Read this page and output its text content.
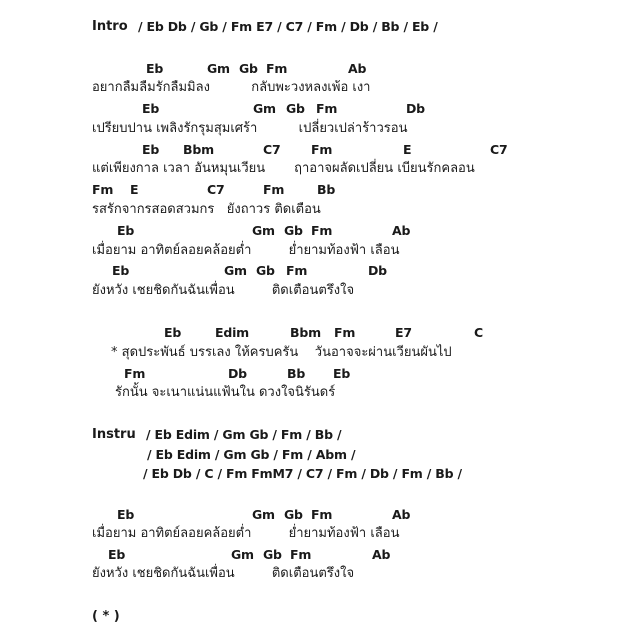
Intro / Eb Db / Gb / Fm E7 / C7 / Fm / Db / Bb / Eb /
Eb	Gm Gb Fm	Ab
อยากลืมลืมรักลืมมิลง          กลับพะวงหลงเพ้อ เงา
Eb	Gm Gb Fm	Db
เปรียบปาน เพลิงรักรุมสุมเศร้า          เปลี่ยวเปล่าร้าวรอน
Eb Bbm	C7 Fm	E	C7
แต่เพียงกาล เวลา อันหมุนเวียน       ฤาอาจผลัดเปลี่ยน เบียนรักคลอน
Fm E	C7	Fm	Bb
รสรักจากรสอดสวมกร   ยังถาวร ติดเตือน
Eb	Gm Gb Fm	Ab
เมื่อยาม อาทิตย์ลอยคล้อยต่ำ         ย่ำยามท้องฟ้า เลือน
Eb	Gm Gb Fm	Db
ยังหวัง เชยชิดกันฉันเพื่อน         ติดเตือนตรึงใจ
Eb	Edim	Bbm Fm	E7	C
* สุดประพันธ์ บรรเลง ให้ครบครัน    วันอาจจะผ่านเวียนผันไป
Fm	Db	Bb Eb
รักนั้น จะเนาแน่นแฟ้นใน ดวงใจนิรันดร์
Instru / Eb Edim / Gm Gb / Fm / Bb /
/ Eb Edim / Gm Gb / Fm / Abm /
/ Eb Db / C / Fm FmM7 / C7 / Fm / Db / Fm / Bb /
Eb	Gm Gb Fm	Ab
เมื่อยาม อาทิตย์ลอยคล้อยต่ำ         ย่ำยามท้องฟ้า เลือน
Eb	Gm Gb Fm	Ab
ยังหวัง เชยชิดกันฉันเพื่อน         ติดเตือนตรึงใจ
( * )
